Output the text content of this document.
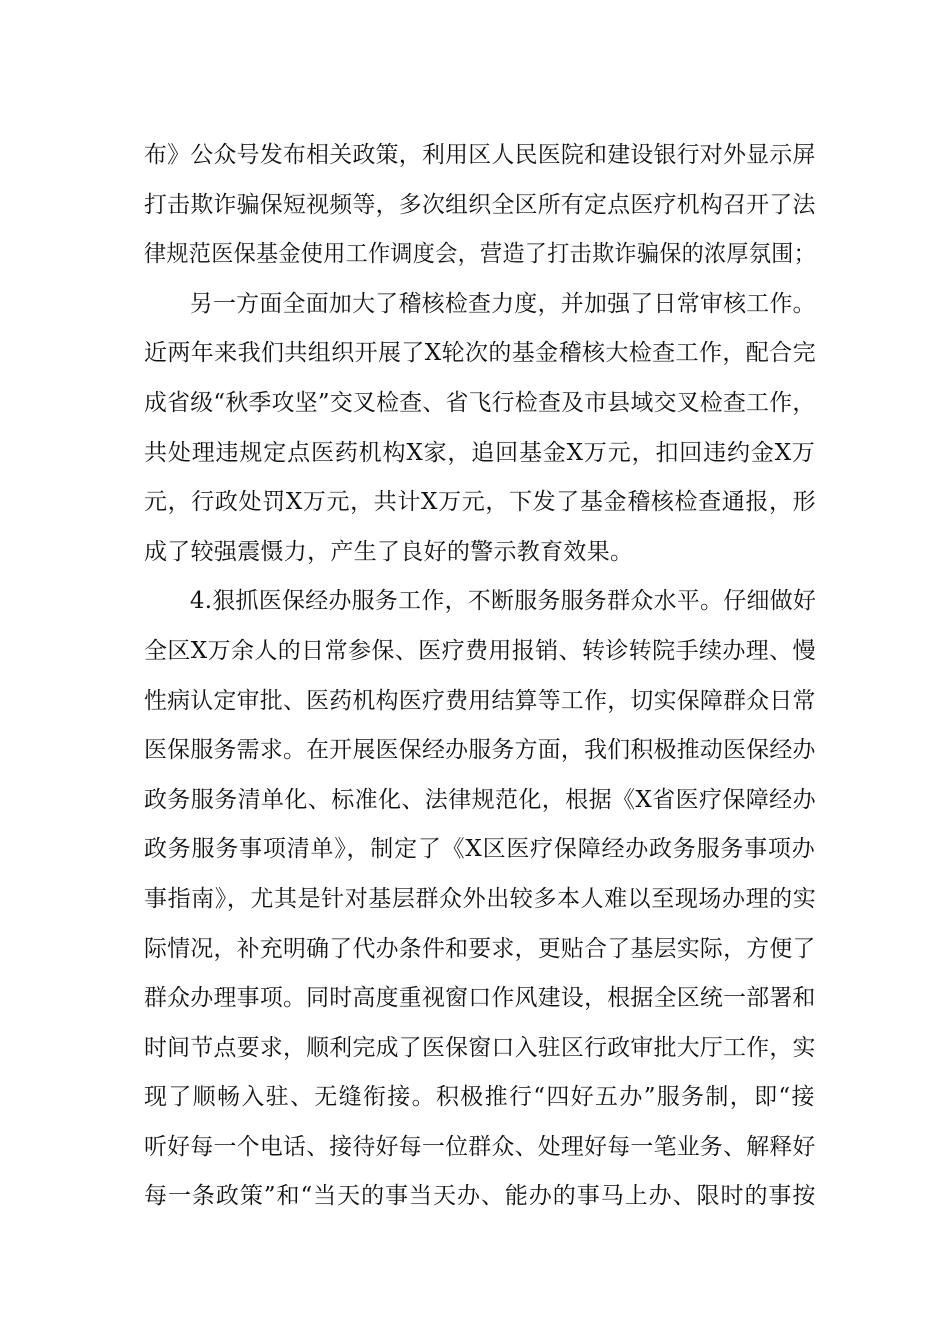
布》公众号发布相关政策，利用区人民医院和建设银行对外显示屏
打击欺诈骗保短视频等，多次组织全区所有定点医疗机构召开了法
律规范医保基金使用工作调度会，营造了打击欺诈骗保的浓厚氛围；
另一方面全面加大了稽核检查力度，并加强了日常审核工作。
近两年来我们共组织开展了X轮次的基金稽核大检查工作，配合完
成省级“秋季攻坚”交叉检查、省飞行检查及市县域交叉检查工作，
共处理违规定点医药机构X家，追回基金X万元，扣回违约金X万
元，行政处罚X万元，共计X万元，下发了基金稽核检查通报，形
成了较强震慑力，产生了良好的警示教育效果。
4.狠抓医保经办服务工作，不断服务服务群众水平。仔细做好
全区X万余人的日常参保、医疗费用报销、转诊转院手续办理、慢
性病认定审批、医药机构医疗费用结算等工作，切实保障群众日常
医保服务需求。在开展医保经办服务方面，我们积极推动医保经办
政务服务清单化、标准化、法律规范化，根据《X省医疗保障经办
政务服务事项清单》，制定了《X区医疗保障经办政务服务事项办
事指南》，尤其是针对基层群众外出较多本人难以至现场办理的实
际情况，补充明确了代办条件和要求，更贴合了基层实际，方便了
群众办理事项。同时高度重视窗口作风建设，根据全区统一部署和
时间节点要求，顺利完成了医保窗口入驻区行政审批大厅工作，实
现了顺畅入驻、无缝衔接。积极推行“四好五办”服务制，即“接
听好每一个电话、接待好每一位群众、处理好每一笔业务、解释好
每一条政策”和“当天的事当天办、能办的事马上办、限时的事按
